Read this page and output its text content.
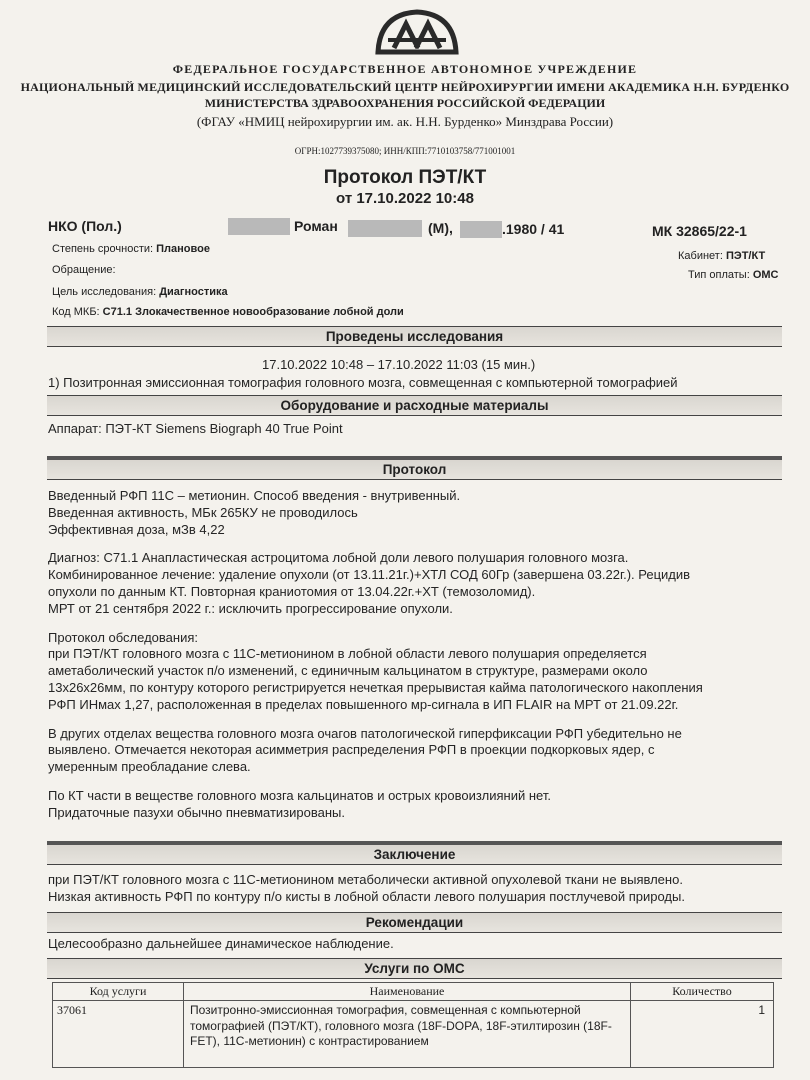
ФЕДЕРАЛЬНОЕ ГОСУДАРСТВЕННОЕ АВТОНОМНОЕ УЧРЕЖДЕНИЕ
НАЦИОНАЛЬНЫЙ МЕДИЦИНСКИЙ ИССЛЕДОВАТЕЛЬСКИЙ ЦЕНТР НЕЙРОХИРУРГИИ ИМЕНИ АКАДЕМИКА Н.Н. БУРДЕНКО
МИНИСТЕРСТВА ЗДРАВООХРАНЕНИЯ РОССИЙСКОЙ ФЕДЕРАЦИИ
(ФГАУ «НМИЦ нейрохирургии им. ак. Н.Н. Бурденко» Минздрава России)
ОГРН:1027739375080; ИНН/КПП:7710103758/771001001
Протокол ПЭТ/КТ
от 17.10.2022 10:48
НКО (Пол.)	Роман	(М),	.1980 / 41	МК 32865/22-1
Степень срочности: Плановое
Кабинет: ПЭТ/КТ
Обращение:	Тип оплаты: ОМС
Цель исследования: Диагностика
Код МКБ: С71.1 Злокачественное новообразование лобной доли
Проведены исследования
17.10.2022 10:48 – 17.10.2022 11:03 (15 мин.)
1) Позитронная эмиссионная томография головного мозга, совмещенная с компьютерной томографией
Оборудование и расходные материалы
Аппарат: ПЭТ-КТ Siemens Biograph 40 True Point
Протокол
Введенный РФП 11С – метионин. Способ введения - внутривенный.
Введенная активность, МБк 265КУ не проводилось
Эффективная доза, мЗв 4,22
Диагноз: С71.1 Анапластическая астроцитома лобной доли левого полушария головного мозга.
Комбинированное лечение: удаление опухоли (от 13.11.21г.)+ХТЛ СОД 60Гр (завершена 03.22г.). Рецидив
опухоли по данным КТ. Повторная краниотомия от 13.04.22г.+ХТ (темозоломид).
МРТ от 21 сентября 2022 г.: исключить прогрессирование опухоли.
Протокол обследования:
при ПЭТ/КТ головного мозга с 11С-метионином в лобной области левого полушария определяется
аметаболический участок п/о изменений, с единичным кальцинатом в структуре, размерами около
13х26х26мм, по контуру которого регистрируется нечеткая прерывистая кайма патологического накопления
РФП ИНмах 1,27, расположенная в пределах повышенного мр-сигнала в ИП FLAIR на МРТ от 21.09.22г.
В других отделах вещества головного мозга очагов патологической гиперфиксации РФП убедительно не
выявлено. Отмечается некоторая асимметрия распределения РФП в проекции подкорковых ядер, с
умеренным преобладание слева.
По КТ части в веществе головного мозга кальцинатов и острых кровоизлияний нет.
Придаточные пазухи обычно пневматизированы.
Заключение
при ПЭТ/КТ головного мозга с 11С-метионином метаболически активной опухолевой ткани не выявлено.
Низкая активность РФП по контуру п/о кисты в лобной области левого полушария постлучевой природы.
Рекомендации
Целесообразно дальнейшее динамическое наблюдение.
Услуги по ОМС
Код услуги	Наименование	Количество
37061	Позитронно-эмиссионная томография, совмещенная с компьютерной томографией (ПЭТ/КТ), головного мозга (18F-DOPA, 18F-этилтирозин (18F-FET), 11С-метионин) с контрастированием	1
